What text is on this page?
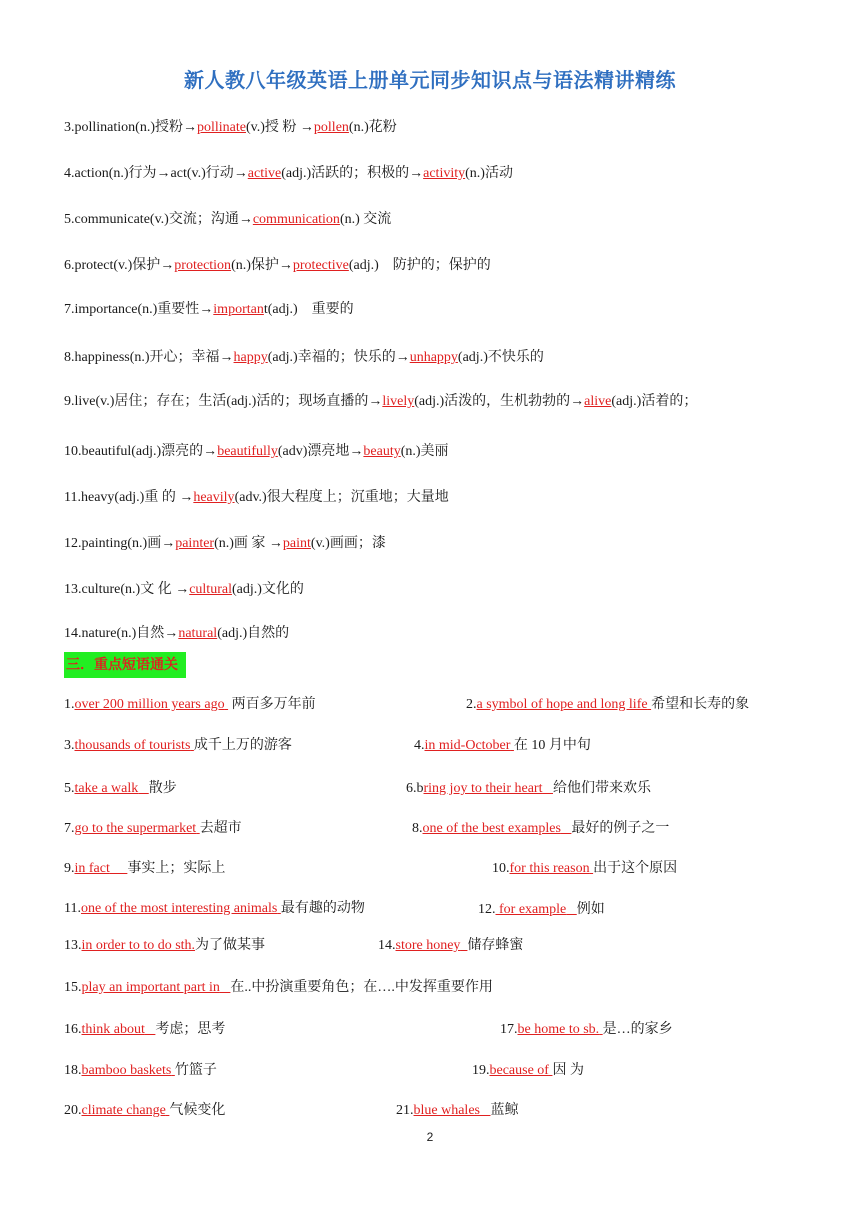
新人教八年级英语上册单元同步知识点与语法精讲精练
3.pollination(n.)授粉→pollinate(v.)授 粉 →pollen(n.)花粉
4.action(n.)行为→act(v.)行动→active(adj.)活跃的；积极的→activity(n.)活动
5.communicate(v.)交流；沟通→communication(n.) 交流
6.protect(v.)保护→protection(n.)保护→protective(adj.)　防护的；保护的
7.importance(n.)重要性→important(adj.)　重要的
8.happiness(n.)开心；幸福→happy(adj.)幸福的；快乐的→unhappy(adj.)不快乐的
9.live(v.)居住；存在；生活(adj.)活的；现场直播的→lively(adj.)活泼的，生机勃勃的→alive(adj.)活着的；
10.beautiful(adj.)漂亮的→beautifully(adv)漂亮地→beauty(n.)美丽
11.heavy(adj.)重 的 →heavily(adv.)很大程度上；沉重地；大量地
12.painting(n.)画→painter(n.)画 家 →paint(v.)画画；漆
13.culture(n.)文 化 →cultural(adj.)文化的
14.nature(n.)自然→natural(adj.)自然的
三．重点短语通关
1.over 200 million years ago  两百多万年前	2.a symbol of hope and long life 希望和长寿的象
3.thousands of tourists 成千上万的游客	4.in mid-October 在 10 月中旬
5.take a walk 散步	6.bring joy to their heart 给他们带来欢乐
7.go to the supermarket 去超市	8.one of the best examples 最好的例子之一
9.in fact 事实上；实际上	10.for this reason 出于这个原因
11.one of the most interesting animals 最有趣的动物	12. for example 例如
13.in order to to do sth.为了做某事	14.store honey 储存蜂蜜
15.play an important part in 在..中扮演重要角色；在….中发挥重要作用
16.think about 考虑；思考	17.be home to sb. 是…的家乡
18.bamboo baskets 竹篮子	19.because of 因 为
20.climate change 气候变化	21.blue whales 蓝鲸
2
